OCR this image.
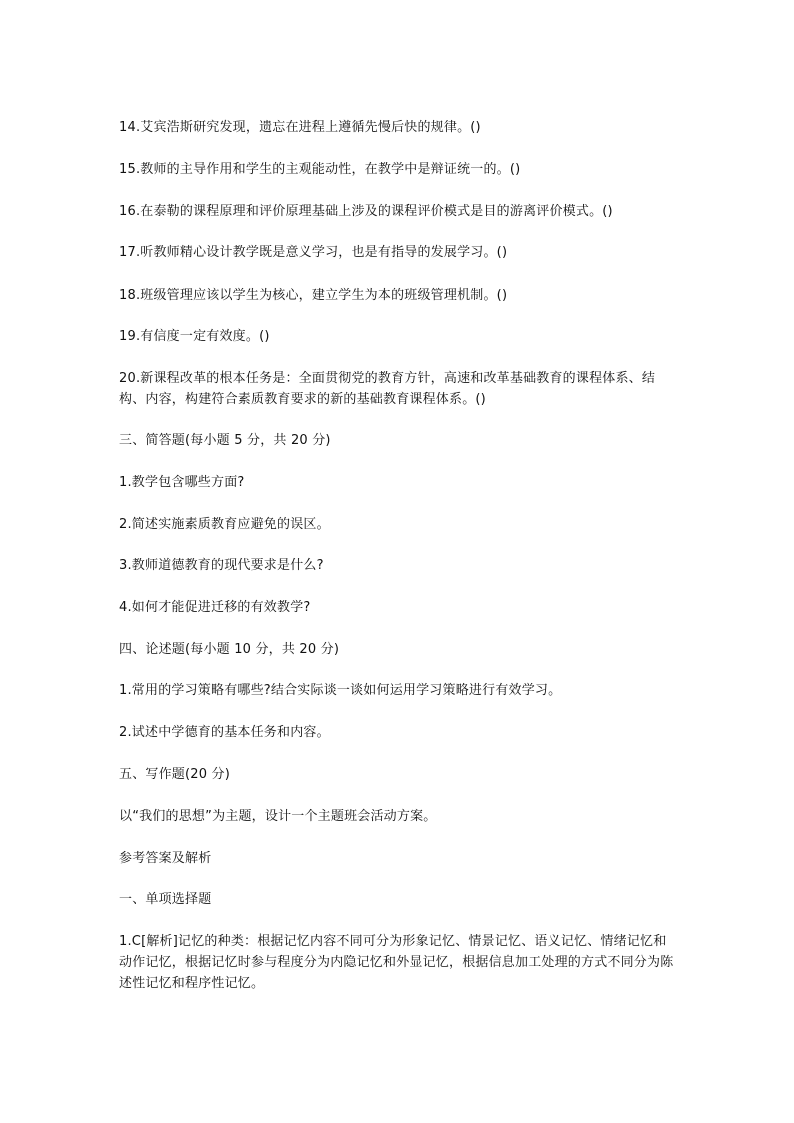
14.艾宾浩斯研究发现，遗忘在进程上遵循先慢后快的规律。()
15.教师的主导作用和学生的主观能动性，在教学中是辩证统一的。()
16.在泰勒的课程原理和评价原理基础上涉及的课程评价模式是目的游离评价模式。()
17.听教师精心设计教学既是意义学习，也是有指导的发展学习。()
18.班级管理应该以学生为核心，建立学生为本的班级管理机制。()
19.有信度一定有效度。()
20.新课程改革的根本任务是：全面贯彻党的教育方针，高速和改革基础教育的课程体系、结构、内容，构建符合素质教育要求的新的基础教育课程体系。()
三、简答题(每小题 5 分，共 20 分)
1.教学包含哪些方面?
2.简述实施素质教育应避免的误区。
3.教师道德教育的现代要求是什么?
4.如何才能促进迁移的有效教学?
四、论述题(每小题 10 分，共 20 分)
1.常用的学习策略有哪些?结合实际谈一谈如何运用学习策略进行有效学习。
2.试述中学德育的基本任务和内容。
五、写作题(20 分)
以“我们的思想”为主题，设计一个主题班会活动方案。
参考答案及解析
一、单项选择题
1.C[解析]记忆的种类：根据记忆内容不同可分为形象记忆、情景记忆、语义记忆、情绪记忆和动作记忆，根据记忆时参与程度分为内隐记忆和外显记忆，根据信息加工处理的方式不同分为陈述性记忆和程序性记忆。
